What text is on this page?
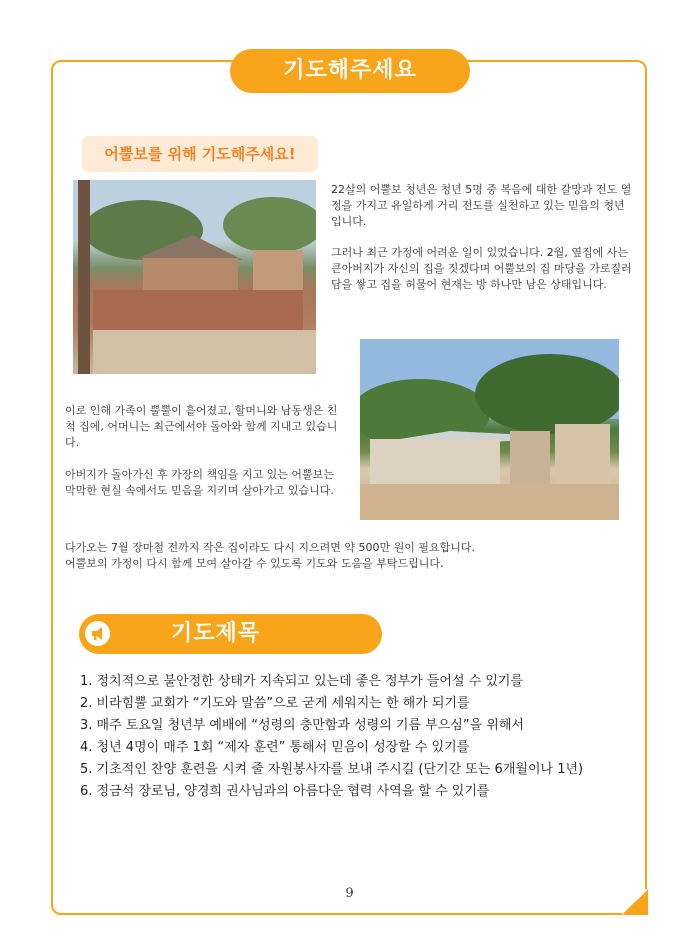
기도해주세요
어뿔보를 위해 기도해주세요!

22살의 어뿔보 청년은 청년 5명 중 복음에 대한 갈망과 전도 열정을 가지고 유일하게 거리 전도를 실천하고 있는 믿음의 청년입니다.

그러나 최근 가정에 어려운 일이 있었습니다. 2월, 옆집에 사는 큰아버지가 자신의 집을 짓겠다며 어뿔보의 집 마당을 가로질러 담을 쌓고 집을 허물어 현재는 방 하나만 남은 상태입니다.

이로 인해 가족이 뿔뿔이 흩어졌고, 할머니와 남동생은 친척 집에, 어머니는 최근에서야 돌아와 함께 지내고 있습니다.

아버지가 돌아가신 후 가장의 책임을 지고 있는 어뿔보는 막막한 현실 속에서도 믿음을 지키며 살아가고 있습니다.

다가오는 7월 장마철 전까지 작은 집이라도 다시 지으려면 약 500만 원이 필요합니다.

어뿔보의 가정이 다시 함께 모여 살아갈 수 있도록 기도와 도움을 부탁드립니다.

기도제목
1. 정치적으로 불안정한 상태가 지속되고 있는데 좋은 정부가 들어설 수 있기를
2. 비라힘뿔 교회가 “기도와 말씀”으로 굳게 세워지는 한 해가 되기를
3. 매주 토요일 청년부 예배에 “성령의 충만함과 성령의 기름 부으심”을 위해서
4. 청년 4명이 매주 1회 “제자 훈련” 통해서 믿음이 성장할 수 있기를
5. 기초적인 찬양 훈련을 시켜 줄 자원봉사자를 보내 주시길 (단기간 또는 6개월이나 1년)
6. 정금석 장로님, 양경희 권사님과의 아름다운 협력 사역을 할 수 있기를
9
